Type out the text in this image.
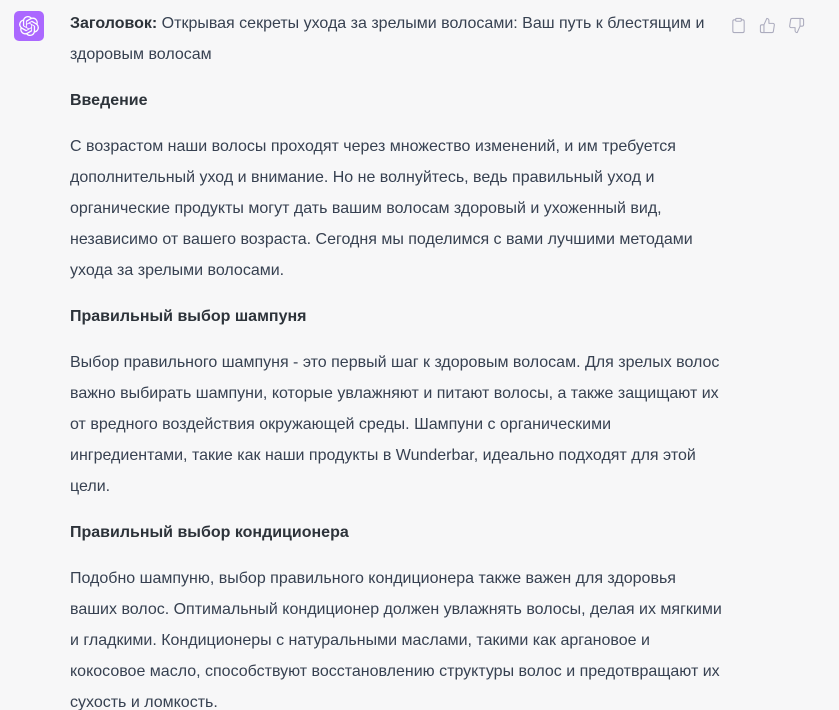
Заголовок: Открывая секреты ухода за зрелыми волосами: Ваш путь к блестящим и здоровым волосам

Введение

С возрастом наши волосы проходят через множество изменений, и им требуется дополнительный уход и внимание. Но не волнуйтесь, ведь правильный уход и органические продукты могут дать вашим волосам здоровый и ухоженный вид, независимо от вашего возраста. Сегодня мы поделимся с вами лучшими методами ухода за зрелыми волосами.

Правильный выбор шампуня

Выбор правильного шампуня - это первый шаг к здоровым волосам. Для зрелых волос важно выбирать шампуни, которые увлажняют и питают волосы, а также защищают их от вредного воздействия окружающей среды. Шампуни с органическими ингредиентами, такие как наши продукты в Wunderbar, идеально подходят для этой цели.

Правильный выбор кондиционера

Подобно шампуню, выбор правильного кондиционера также важен для здоровья ваших волос. Оптимальный кондиционер должен увлажнять волосы, делая их мягкими и гладкими. Кондиционеры с натуральными маслами, такими как аргановое и кокосовое масло, способствуют восстановлению структуры волос и предотвращают их сухость и ломкость.
